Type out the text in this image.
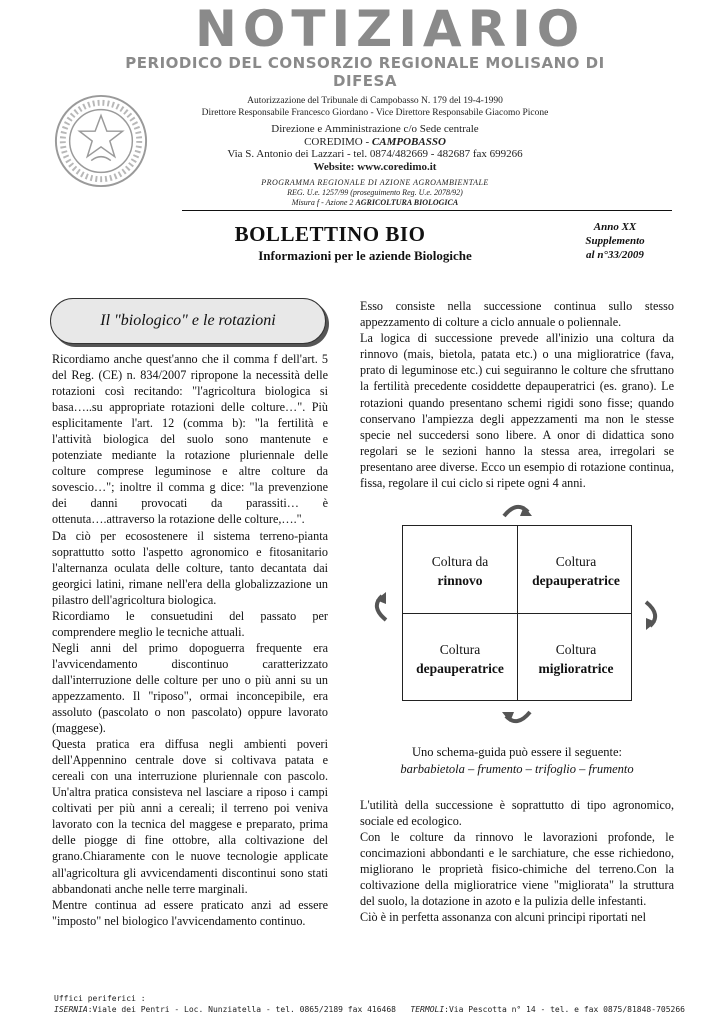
NOTIZIARIO
PERIODICO DEL CONSORZIO REGIONALE MOLISANO DI DIFESA
Autorizzazione del Tribunale di Campobasso N. 179 del 19-4-1990
Direttore Responsabile Francesco Giordano - Vice Direttore Responsabile Giacomo Picone
Direzione e Amministrazione c/o Sede centrale
COREDIMO - CAMPOBASSO
Via S. Antonio dei Lazzari - tel. 0874/482669 - 482687 fax 699266
Website: www.coredimo.it
PROGRAMMA REGIONALE DI AZIONE AGROAMBIENTALE
REG. U.e. 1257/99 (proseguimento Reg. U.e. 2078/92)
Misura f - Azione 2 AGRICOLTURA BIOLOGICA
BOLLETTINO BIO
Informazioni per le aziende Biologiche
Anno XX
Supplemento
al n°33/2009
Il "biologico" e le rotazioni
Ricordiamo anche quest'anno che il comma f dell'art. 5 del Reg. (CE) n. 834/2007 ripropone la necessità delle rotazioni così recitando: "l'agricoltura biologica si basa…..su appropriate rotazioni delle colture…". Più esplicitamente l'art. 12 (comma b): "la fertilità e l'attività biologica del suolo sono mantenute e potenziate mediante la rotazione pluriennale delle colture comprese leguminose e altre colture da sovescio…"; inoltre il comma g dice: "la prevenzione dei danni provocati da parassiti… è ottenuta….attraverso la rotazione delle colture,….".
Da ciò per ecosostenere il sistema terreno-pianta soprattutto sotto l'aspetto agronomico e fitosanitario l'alternanza oculata delle colture, tanto decantata dai georgici latini, rimane nell'era della globalizzazione un pilastro dell'agricoltura biologica.
Ricordiamo le consuetudini del passato per comprendere meglio le tecniche attuali.
Negli anni del primo dopoguerra frequente era l'avvicendamento discontinuo caratterizzato dall'interruzione delle colture per uno o più anni su un appezzamento. Il "riposo", ormai inconcepibile, era assoluto (pascolato o non pascolato) oppure lavorato (maggese).
Questa pratica era diffusa negli ambienti poveri dell'Appennino centrale dove si coltivava patata e cereali con una interruzione pluriennale con pascolo. Un'altra pratica consisteva nel lasciare a riposo i campi coltivati per più anni a cereali; il terreno poi veniva lavorato con la tecnica del maggese e preparato, prima delle piogge di fine ottobre, alla coltivazione del grano.Chiaramente con le nuove tecnologie applicate all'agricoltura gli avvicendamenti discontinui sono stati abbandonati anche nelle terre marginali.
Mentre continua ad essere praticato anzi ad essere "imposto" nel biologico l'avvicendamento continuo.
Esso consiste nella successione continua sullo stesso appezzamento di colture a ciclo annuale o poliennale.
La logica di successione prevede all'inizio una coltura da rinnovo (mais, bietola, patata etc.) o una miglioratrice (fava, prato di leguminose etc.) cui seguiranno le colture che sfruttano la fertilità precedente cosiddette depauperatrici (es. grano). Le rotazioni quando presentano schemi rigidi sono fisse; quando conservano l'ampiezza degli appezzamenti ma non le stesse specie nel succedersi sono libere. A onor di didattica sono regolari se le sezioni hanno la stessa area, irregolari se presentano aree diverse. Ecco un esempio di rotazione continua, fissa, regolare il cui ciclo si ripete ogni 4 anni.
Coltura da
rinnovo
Coltura
depauperatrice
Coltura
depauperatrice
Coltura
miglioratrice
Uno schema-guida può essere il seguente:
barbabietola – frumento – trifoglio – frumento
L'utilità della successione è soprattutto di tipo agronomico, sociale ed ecologico.
Con le colture da rinnovo le lavorazioni profonde, le concimazioni abbondanti e le sarchiature, che esse richiedono, migliorano le proprietà fisico-chimiche del terreno.Con la coltivazione della miglioratrice viene "migliorata" la struttura del suolo, la dotazione in azoto e la pulizia delle infestanti.
Ciò è in perfetta assonanza con alcuni principi riportati nel
Uffici periferici :
ISERNIA:Viale dei Pentri - Loc. Nunziatella - tel. 0865/2189 fax 416468 TERMOLI:Via Pescotta n° 14 - tel. e fax 0875/81848-705266
